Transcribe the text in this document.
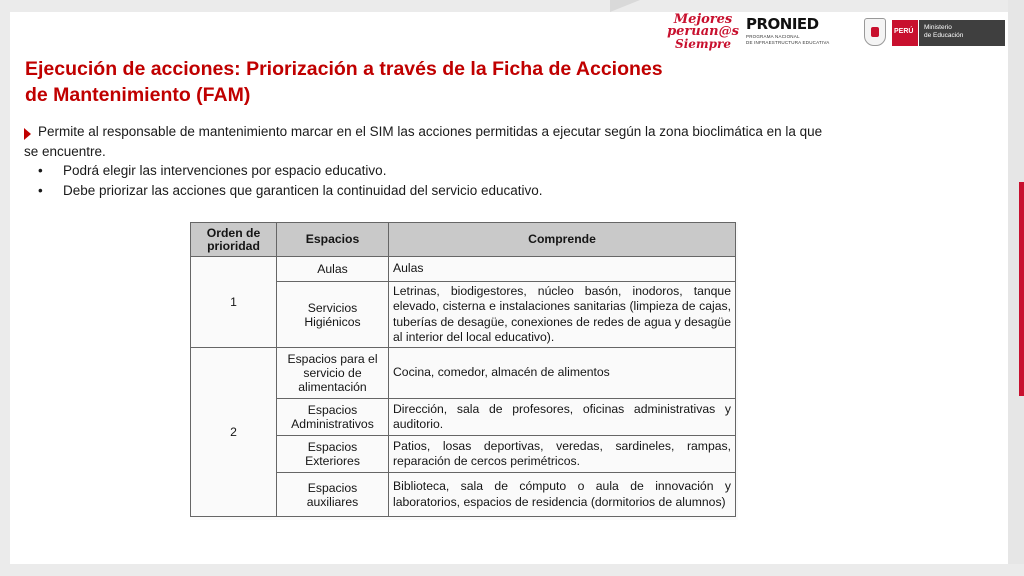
Mejores
peruan@s
Siempre
PRONIED
PROGRAMA NACIONAL
DE INFRAESTRUCTURA EDUCATIVA
PERÚ
Ministerio
de Educación
Ejecución de acciones: Priorización a través de la Ficha de Acciones
de Mantenimiento (FAM)
Permite al responsable de mantenimiento marcar en el SIM las acciones permitidas a ejecutar según la zona bioclimática en la que
se encuentre.
• Podrá elegir las intervenciones por espacio educativo.
• Debe priorizar las acciones que garanticen la continuidad del servicio educativo.
Orden de prioridad	Espacios	Comprende
1	Aulas	Aulas
	Servicios Higiénicos	Letrinas, biodigestores, núcleo basón, inodoros, tanque elevado, cisterna e instalaciones sanitarias (limpieza de cajas, tuberías de desagüe, conexiones de redes de agua y desagüe al interior del local educativo).
2	Espacios para el servicio de alimentación	Cocina, comedor, almacén de alimentos
	Espacios Administrativos	Dirección, sala de profesores, oficinas administrativas y auditorio.
	Espacios Exteriores	Patios, losas deportivas, veredas, sardineles, rampas, reparación de cercos perimétricos.
	Espacios auxiliares	Biblioteca, sala de cómputo o aula de innovación y laboratorios, espacios de residencia (dormitorios de alumnos)
